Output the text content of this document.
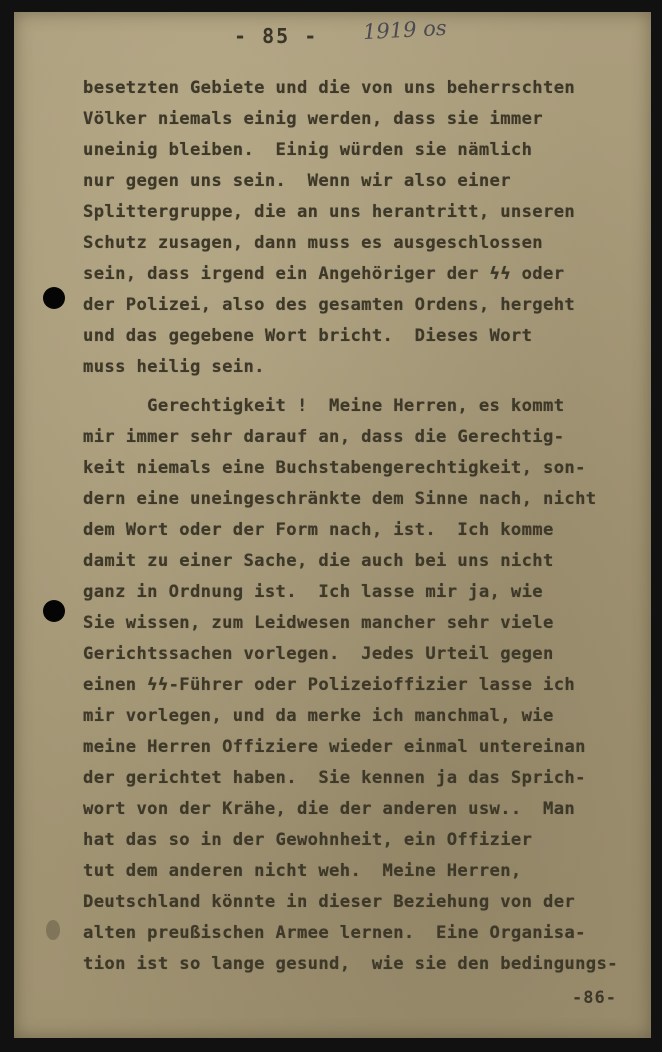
- 85 - 1919 os
besetzten Gebiete und die von uns beherrschten
Völker niemals einig werden, dass sie immer
uneinig bleiben.  Einig würden sie nämlich
nur gegen uns sein.  Wenn wir also einer
Splittergruppe, die an uns herantritt, unseren
Schutz zusagen, dann muss es ausgeschlossen
sein, dass irgend ein Angehöriger der ϟϟ oder
der Polizei, also des gesamten Ordens, hergeht
und das gegebene Wort bricht.  Dieses Wort
muss heilig sein.
Gerechtigkeit !  Meine Herren, es kommt
mir immer sehr darauf an, dass die Gerechtig-
keit niemals eine Buchstabengerechtigkeit, son-
dern eine uneingeschränkte dem Sinne nach, nicht
dem Wort oder der Form nach, ist.  Ich komme
damit zu einer Sache, die auch bei uns nicht
ganz in Ordnung ist.  Ich lasse mir ja, wie
Sie wissen, zum Leidwesen mancher sehr viele
Gerichtssachen vorlegen.  Jedes Urteil gegen
einen ϟϟ-Führer oder Polizeioffizier lasse ich
mir vorlegen, und da merke ich manchmal, wie
meine Herren Offiziere wieder einmal untereinan
der gerichtet haben.  Sie kennen ja das Sprich-
wort von der Krähe, die der anderen usw..  Man
hat das so in der Gewohnheit, ein Offizier
tut dem anderen nicht weh.  Meine Herren,
Deutschland könnte in dieser Beziehung von der
alten preußischen Armee lernen.  Eine Organisa-
tion ist so lange gesund,  wie sie den bedingungs-
-86-
